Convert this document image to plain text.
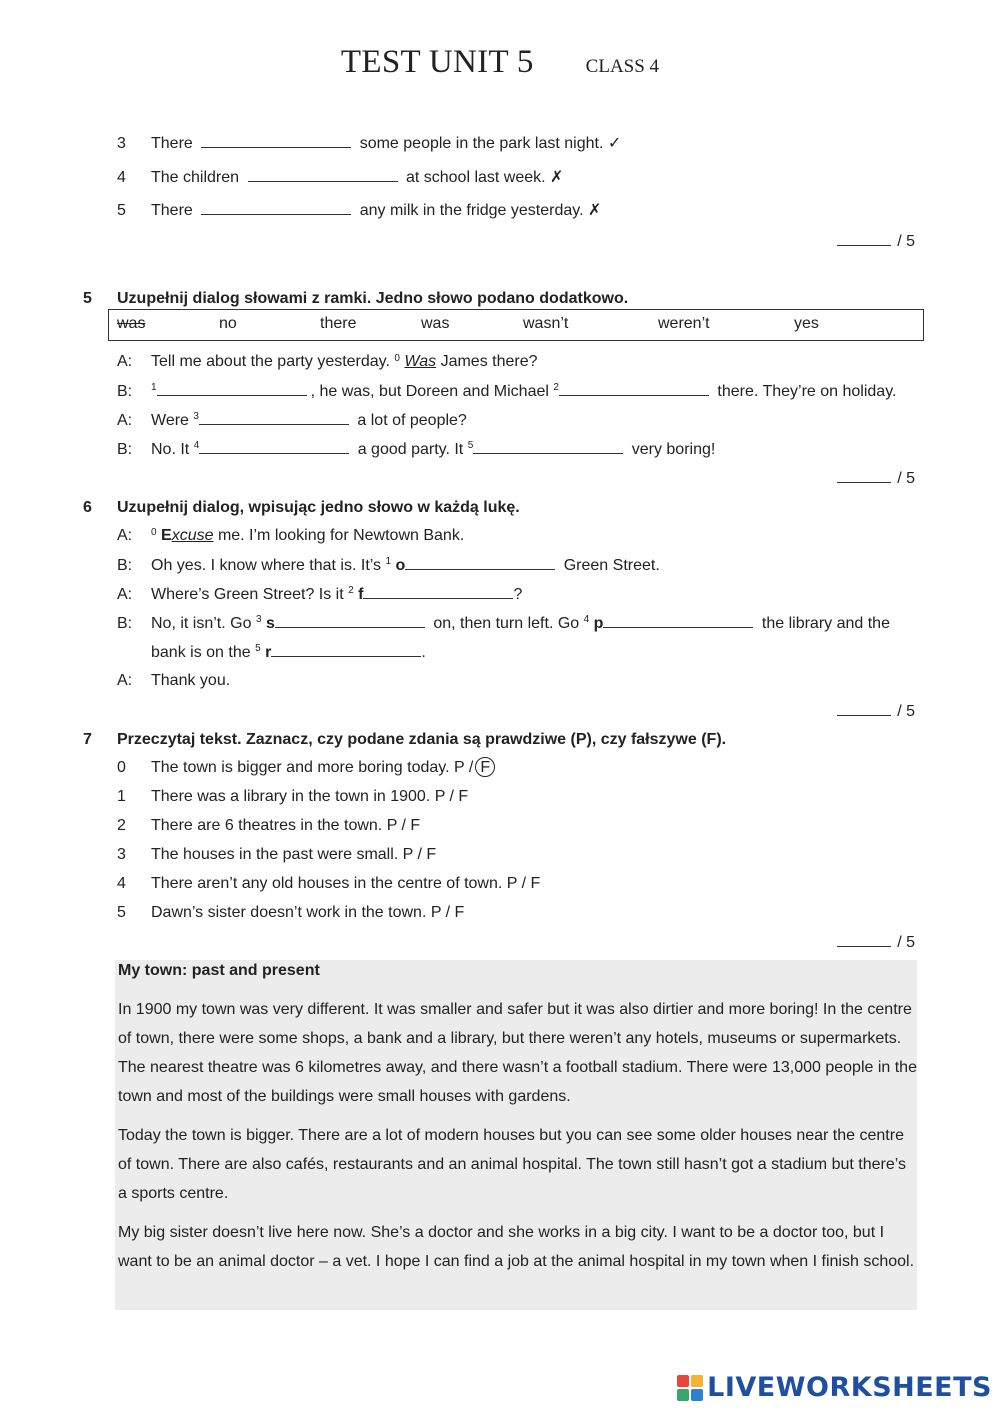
TEST UNIT 5	CLASS 4
3 There	some people in the park last night. ✓
4 The children	at school last week. ✗
5 There	any milk in the fridge yesterday. ✗
/ 5
5 Uzupełnij dialog słowami z ramki. Jedno słowo podano dodatkowo.
was	no	there	was	wasn’t	weren’t	yes
A: Tell me about the party yesterday. $^0$ Was James there?
B: $^1$	, he was, but Doreen and Michael $^2$	there. They’re on holiday.
A: Were $^3$	a lot of people?
B: No. It $^4$	a good party. It $^5$	very boring!
/ 5
6 Uzupełnij dialog, wpisując jedno słowo w każdą lukę.
A: $^0$ Excuse me. I’m looking for Newtown Bank.
B: Oh yes. I know where that is. It’s $^1$ o	Green Street.
A: Where’s Green Street? Is it $^2$ f	?
B: No, it isn’t. Go $^3$ s	on, then turn left. Go $^4$ p	the library and the
bank is on the $^5$ r	.
A: Thank you.
/ 5
7 Przeczytaj tekst. Zaznacz, czy podane zdania są prawdziwe (P), czy fałszywe (F).
0 The town is bigger and more boring today. P / F
1 There was a library in the town in 1900. P / F
2 There are 6 theatres in the town. P / F
3 The houses in the past were small. P / F
4 There aren’t any old houses in the centre of town. P / F
5 Dawn’s sister doesn’t work in the town. P / F
/ 5
My town: past and present

In 1900 my town was very different. It was smaller and safer but it was also dirtier and more boring! In the centre of town, there were some shops, a bank and a library, but there weren’t any hotels, museums or supermarkets. The nearest theatre was 6 kilometres away, and there wasn’t a football stadium. There were 13,000 people in the town and most of the buildings were small houses with gardens.

Today the town is bigger. There are a lot of modern houses but you can see some older houses near the centre of town. There are also cafés, restaurants and an animal hospital. The town still hasn’t got a stadium but there’s a sports centre.

My big sister doesn’t live here now. She’s a doctor and she works in a big city. I want to be a doctor too, but I want to be an animal doctor – a vet. I hope I can find a job at the animal hospital in my town when I finish school.

LIVEWORKSHEETS
